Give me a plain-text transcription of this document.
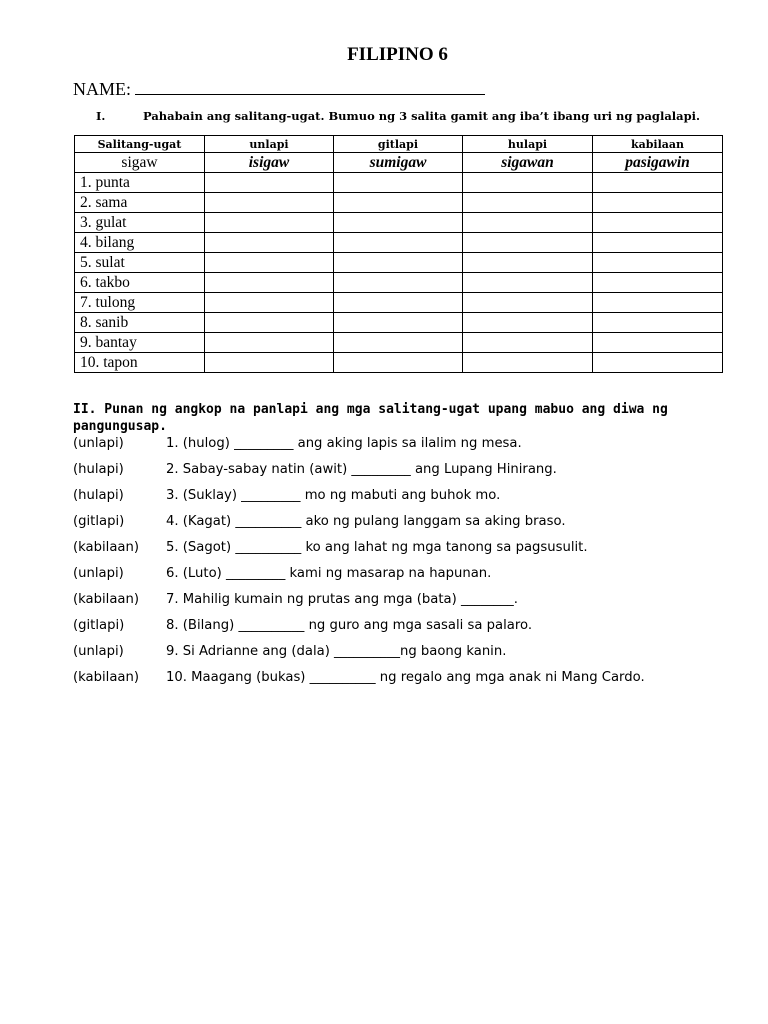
FILIPINO 6
NAME:
I.	Pahabain ang salitang-ugat. Bumuo ng 3 salita gamit ang iba’t ibang uri ng paglalapi.
Salitang-ugat	unlapi	gitlapi	hulapi	kabilaan
sigaw	isigaw	sumigaw	sigawan	pasigawin
1. punta				
2. sama				
3. gulat				
4. bilang				
5. sulat				
6. takbo				
7. tulong				
8. sanib				
9. bantay				
10. tapon				
II. Punan ng angkop na panlapi ang mga salitang-ugat upang mabuo ang diwa ng pangungusap.
(unlapi)	1. (hulog) _________ ang aking lapis sa ilalim ng mesa.
(hulapi)	2. Sabay-sabay natin (awit) _________ ang Lupang Hinirang.
(hulapi)	3. (Suklay) _________ mo ng mabuti ang buhok mo.
(gitlapi)	4. (Kagat) __________ ako ng pulang langgam sa aking braso.
(kabilaan) 5. (Sagot) __________ ko ang lahat ng mga tanong sa pagsusulit.
(unlapi)	6. (Luto) _________ kami ng masarap na hapunan.
(kabilaan) 7. Mahilig kumain ng prutas ang mga (bata) ________.
(gitlapi)	8. (Bilang) __________ ng guro ang mga sasali sa palaro.
(unlapi)	9. Si Adrianne ang (dala) __________ng baong kanin.
(kabilaan) 10. Maagang (bukas) __________ ng regalo ang mga anak ni Mang Cardo.
